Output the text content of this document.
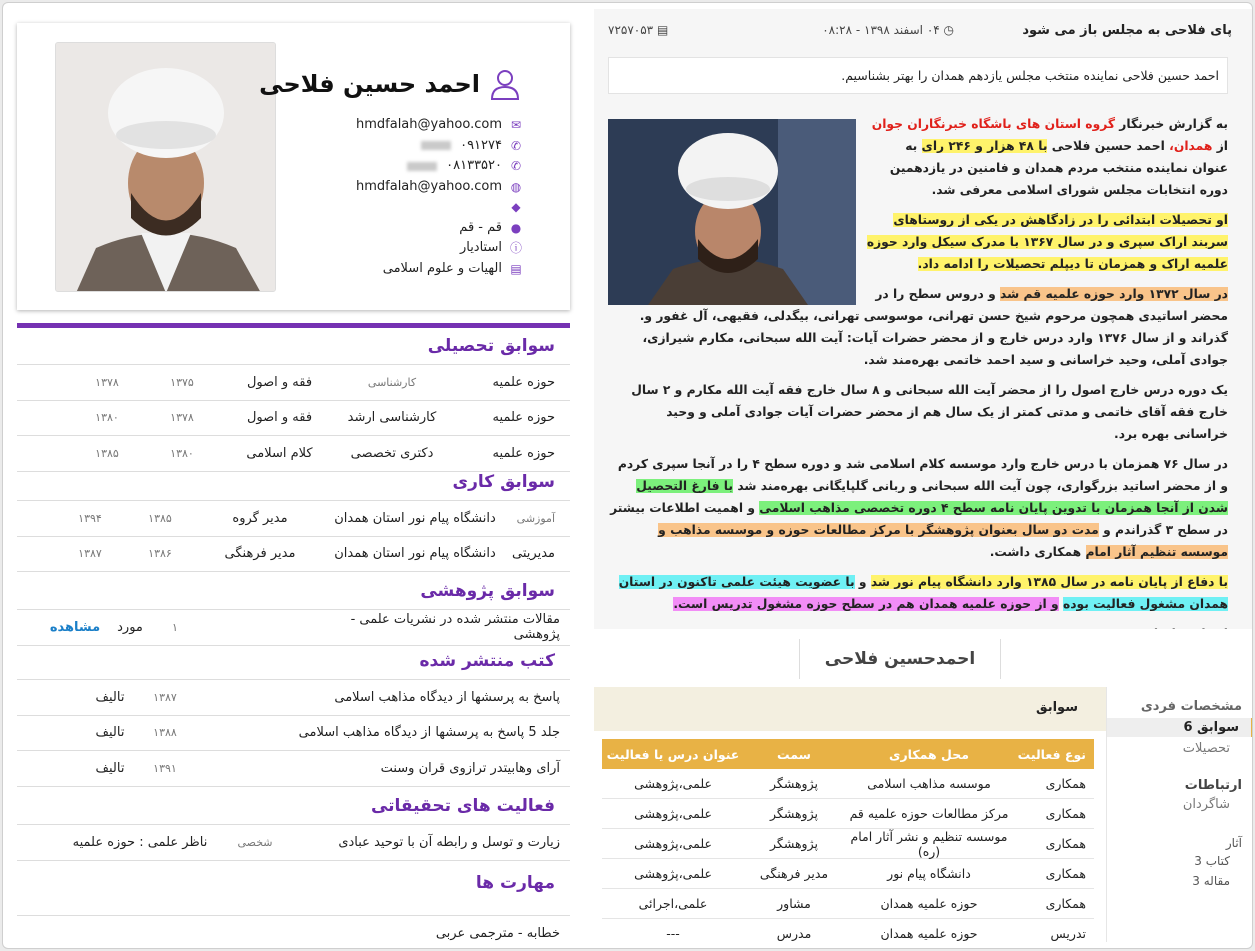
احمد حسین فلاحی
✉
hmdfalah@yahoo.com
✆
۰۹۱۲۷۴
✆
۰۸۱۳۳۵۲۰
◍
hmdfalah@yahoo.com
◆
●
قم - قم
ⓘ
استادیار
▤
الهیات و علوم اسلامی
سوابق تحصیلی
حوزه علمیه
کارشناسی
فقه و اصول
۱۳۷۵
۱۳۷۸
حوزه علمیه
کارشناسی ارشد
فقه و اصول
۱۳۷۸
۱۳۸۰
حوزه علمیه
دکتری تخصصی
کلام اسلامی
۱۳۸۰
۱۳۸۵
سوابق کاری
آموزشی
دانشگاه پیام نور استان همدان
مدیر گروه
۱۳۸۵
۱۳۹۴
مدیریتی
دانشگاه پیام نور استان همدان
مدیر فرهنگی
۱۳۸۶
۱۳۸۷
سوابق پژوهشی
مقالات منتشر شده در نشریات علمی - پژوهشی
۱
مورد
مشاهده
کتب منتشر شده
پاسخ به پرسشها از دیدگاه مذاهب اسلامی
۱۳۸۷
تالیف
جلد 5 پاسخ به پرسشها از دیدگاه مذاهب اسلامی
۱۳۸۸
تالیف
آرای وهابیتدر ترازوی قران وسنت
۱۳۹۱
تالیف
فعالیت های تحقیقاتی
زیارت و توسل و رابطه آن با توحید عبادی
شخصی
ناظر علمی : حوزه علمیه
مهارت ها
خطابه - مترجمی عربی
پای فلاحی به مجلس باز می شود
◷ ۰۴ اسفند ۱۳۹۸ - ۰۸:۲۸
▤ ۷۲۵۷۰۵۳
احمد حسین فلاحی نماینده منتخب مجلس یازدهم همدان را بهتر بشناسیم.

به گزارش خبرنگار گروه استان های باشگاه خبرنگاران جوان از همدان، احمد حسین فلاحی با ۴۸ هزار و ۲۴۶ رای به عنوان نماینده منتخب مردم همدان و فامنین در یازدهمین دوره انتخابات مجلس شورای اسلامی معرفی شد.

او تحصیلات ابتدائی را در زادگاهش در یکی از روستاهای سربند اراک سپری و در سال ۱۳۶۷ با مدرک سیکل وارد حوزه علمیه اراک و همزمان تا دیپلم تحصیلات را ادامه داد.

در سال ۱۳۷۲ وارد حوزه علمیه قم شد و دروس سطح را در محضر اساتیدی همچون مرحوم شیخ حسن تهرانی، موسوسی تهرانی، بیگدلی، فقیهی، آل غفور و. گذراند و از سال ۱۳۷۶ وارد درس خارج و از محضر حضرات آیات: آیت الله سبحانی، مکارم شیرازی، جوادی آملی، وحید خراسانی و سید احمد خاتمی بهره‌مند شد.

یک دوره درس خارج اصول را از محضر آیت الله سبحانی و ۸ سال خارج فقه آیت الله مکارم و ۲ سال خارج فقه آقای خاتمی و مدتی کمتر از یک سال هم از محضر حضرات آیات جوادی آملی و وحید خراسانی بهره برد.

در سال ۷۶ همزمان با درس خارج وارد موسسه کلام اسلامی شد و دوره سطح ۴ را در آنجا سپری کردم و از محضر اساتید بزرگواری، چون آیت الله سبحانی و ربانی گلپایگانی بهره‌مند شد با فارغ التحصیل شدن از آنجا همزمان با تدوین پایان نامه سطح ۴ دوره تخصصی مذاهب اسلامی و اهمیت اطلاعات بیشتر در سطح ۳ گذراندم و مدت دو سال بعنوان پژوهشگر با مرکز مطالعات حوزه و موسسه مذاهب و موسسه تنظیم آثار امام همکاری داشت.

با دفاع از پایان نامه در سال ۱۳۸۵ وارد دانشگاه پیام نور شد و با عضویت هیئت علمی تاکنون در استان همدان مشغول فعالیت بوده و از حوزه علمیه همدان هم در سطح حوزه مشغول تدریس است.

احمدحسین فلاحی
مشخصات فردی
سوابق 6
تحصیلات
ارتباطات
شاگردان
آثار
کتاب 3
مقاله 3
سوابق
نوع فعالیت
محل همکاری
سمت
عنوان درس یا فعالیت
همکاری
موسسه مذاهب اسلامی
پژوهشگر
علمی،پژوهشی
همکاری
مرکز مطالعات حوزه علمیه قم
پژوهشگر
علمی،پژوهشی
همکاری
موسسه تنظیم و نشر آثار امام (ره)
پژوهشگر
علمی،پژوهشی
همکاری
دانشگاه پیام نور
مدیر فرهنگی
علمی،پژوهشی
همکاری
حوزه علمیه همدان
مشاور
علمی،اجرائی
تدریس
حوزه علمیه همدان
مدرس
---
